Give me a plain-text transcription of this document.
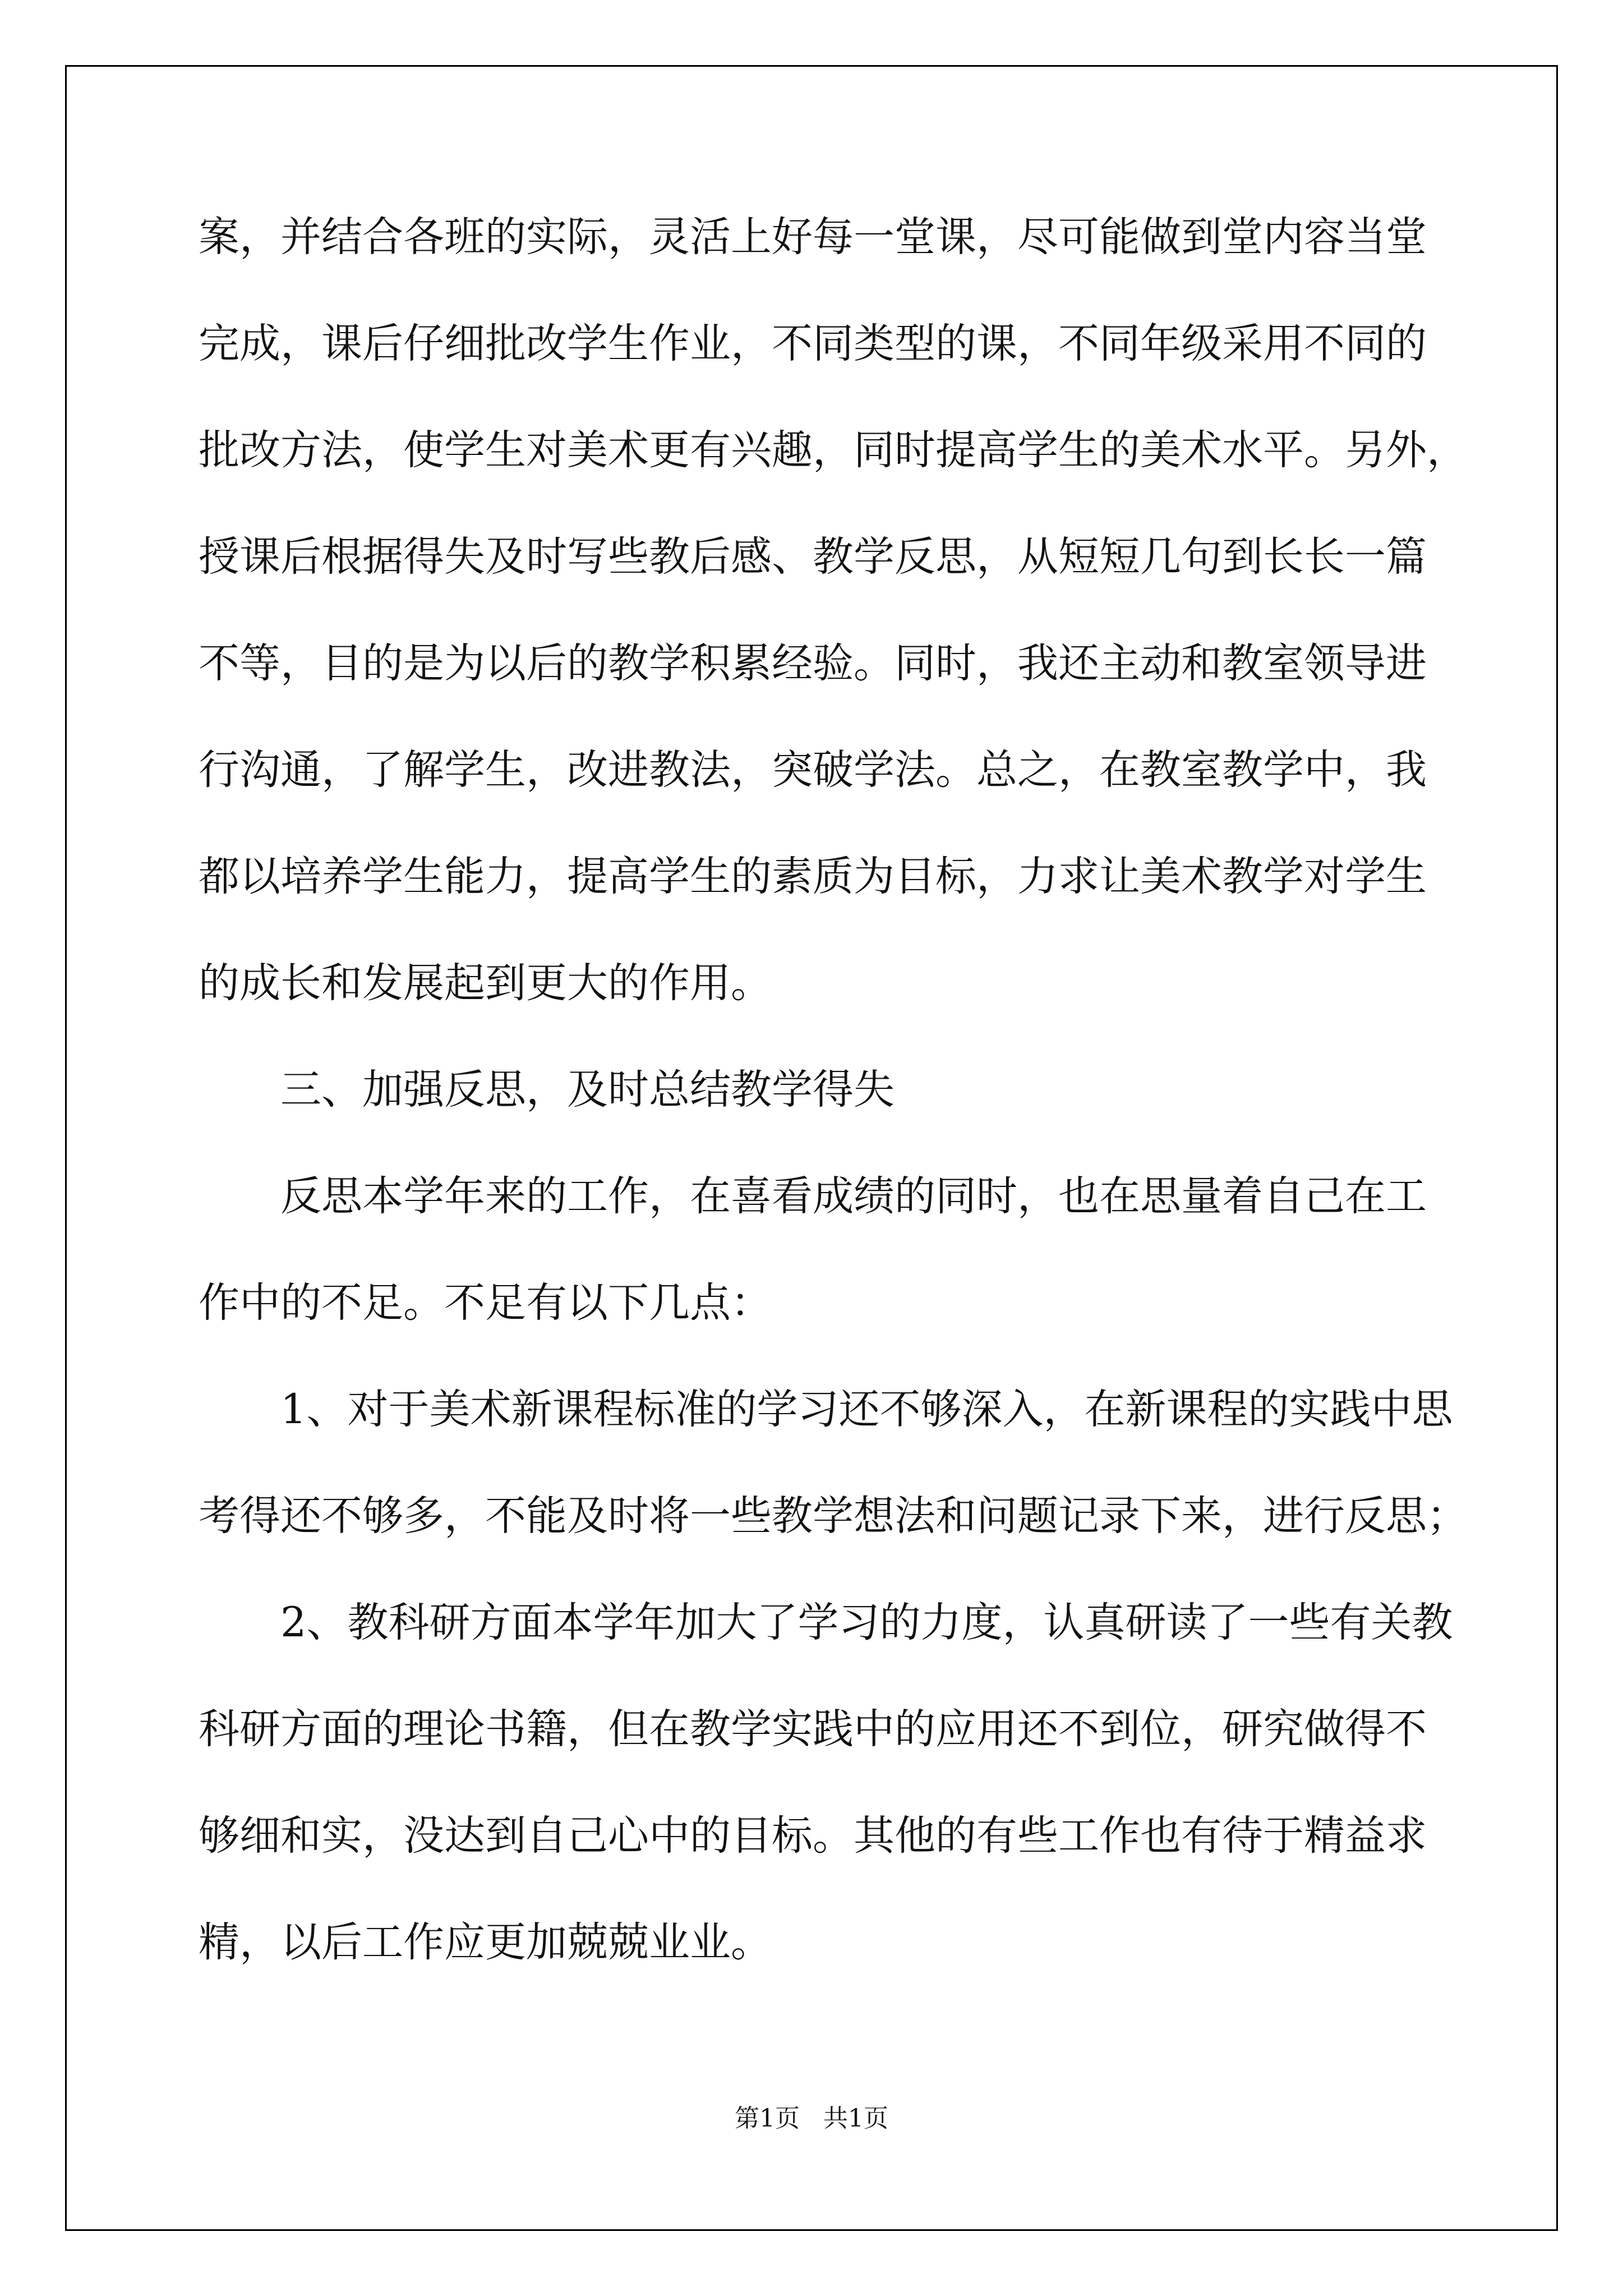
案，并结合各班的实际，灵活上好每一堂课，尽可能做到堂内容当堂
完成，课后仔细批改学生作业，不同类型的课，不同年级采用不同的
批改方法，使学生对美术更有兴趣，同时提高学生的美术水平。另外，
授课后根据得失及时写些教后感、教学反思，从短短几句到长长一篇
不等，目的是为以后的教学积累经验。同时，我还主动和教室领导进
行沟通，了解学生，改进教法，突破学法。总之，在教室教学中，我
都以培养学生能力，提高学生的素质为目标，力求让美术教学对学生
的成长和发展起到更大的作用。
三、加强反思，及时总结教学得失
反思本学年来的工作，在喜看成绩的同时，也在思量着自己在工
作中的不足。不足有以下几点：
1、对于美术新课程标准的学习还不够深入，在新课程的实践中思
考得还不够多，不能及时将一些教学想法和问题记录下来，进行反思；
2、教科研方面本学年加大了学习的力度，认真研读了一些有关教
科研方面的理论书籍，但在教学实践中的应用还不到位，研究做得不
够细和实，没达到自己心中的目标。其他的有些工作也有待于精益求
精，以后工作应更加兢兢业业。
第1页   共1页
